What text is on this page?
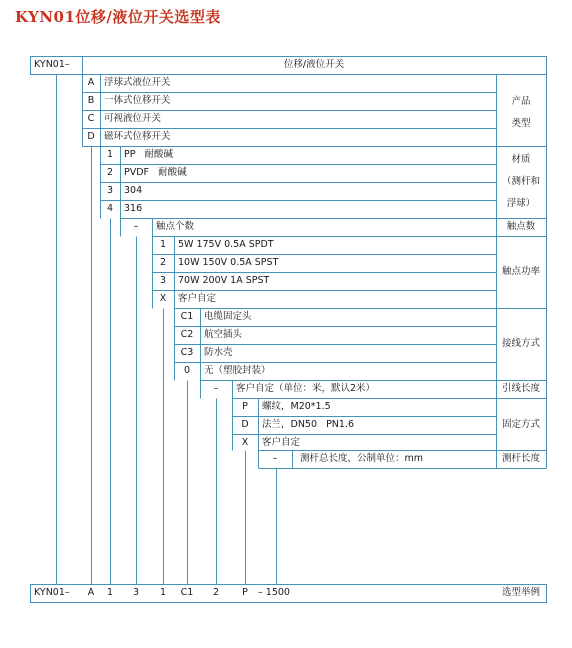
KYN01位移/液位开关选型表
KYN01–	位移/液位开关
A	浮球式液位开关
B	一体式位移开关
C	可视液位开关
D 磁环式位移开关
产品
类型
1	PP   耐酸碱
2	PVDF   耐酸碱
3	304
4	316
材质
（测杆和
浮球）
–	触点个数	触点数
1	5W 175V 0.5A SPDT
2	10W 150V 0.5A SPST
3	70W 200V 1A SPST
X	客户自定
触点功率
C1	电缆固定头
C2	航空插头
C3	防水壳
0	无（塑胶封装）
接线方式
–	客户自定（单位：米，默认2米）	引线长度
P	螺纹，M20*1.5
D	法兰，DN50   PN1.6
X	客户自定
固定方式
–	测杆总长度，公制单位：mm	测杆长度
KYN01–	A	1	3	1	C1	2	P	– 1500	选型举例
